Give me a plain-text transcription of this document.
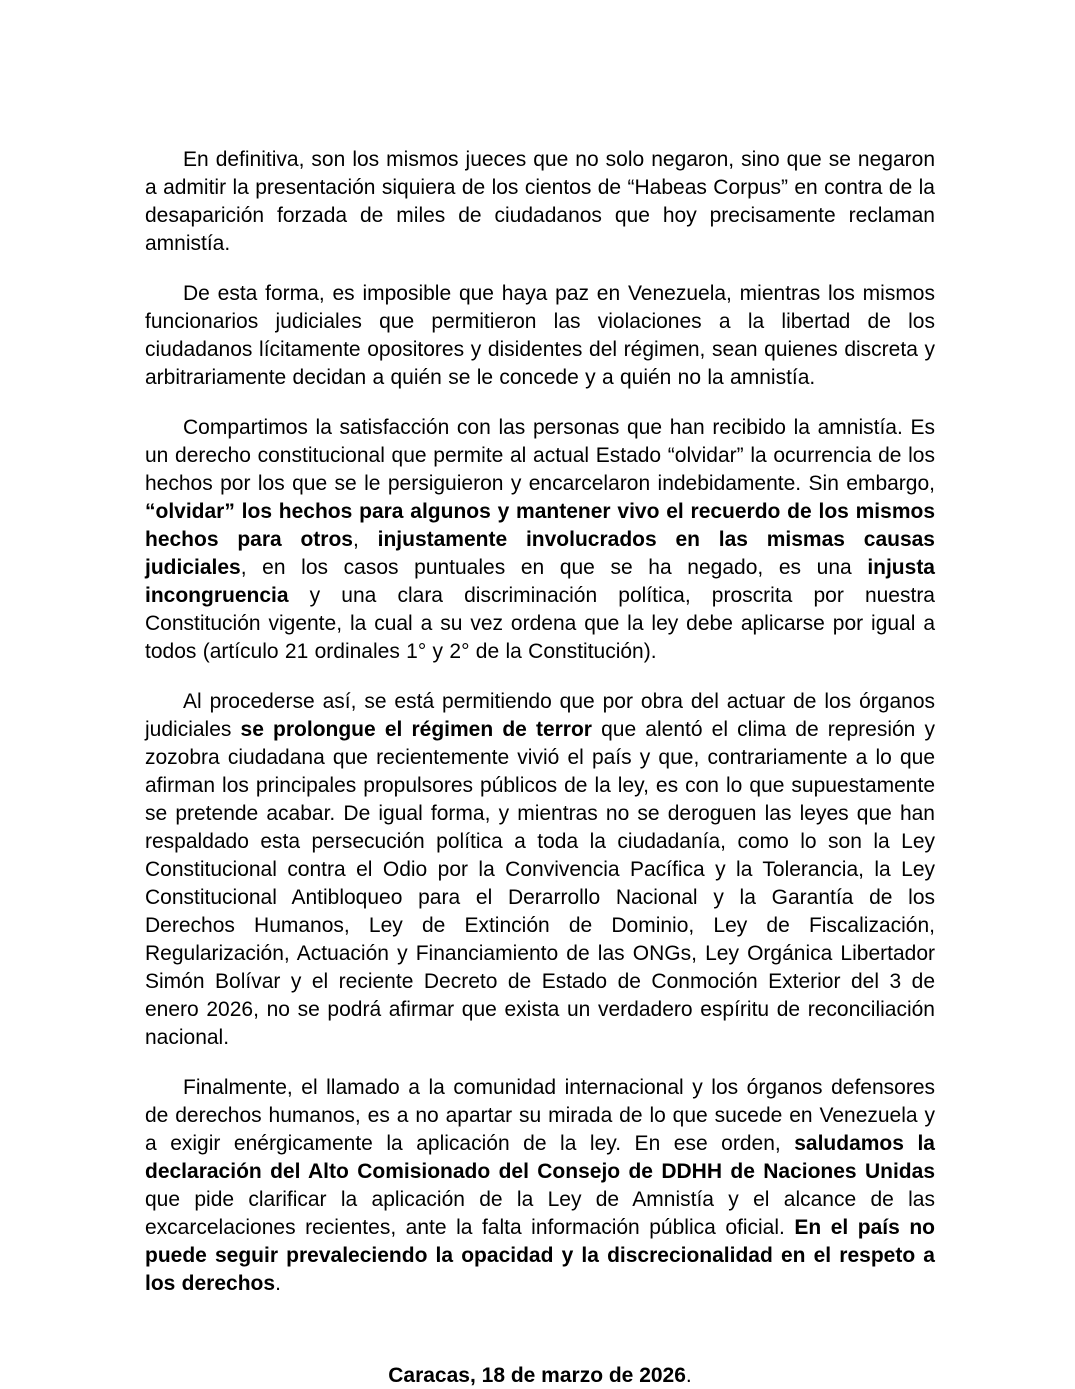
En definitiva, son los mismos jueces que no solo negaron, sino que se negaron a admitir la presentación siquiera de los cientos de “Habeas Corpus” en contra de la desaparición forzada de miles de ciudadanos que hoy precisamente reclaman amnistía.

De esta forma, es imposible que haya paz en Venezuela, mientras los mismos funcionarios judiciales que permitieron las violaciones a la libertad de los ciudadanos lícitamente opositores y disidentes del régimen, sean quienes discreta y arbitrariamente decidan a quién se le concede y a quién no la amnistía.

Compartimos la satisfacción con las personas que han recibido la amnistía. Es un derecho constitucional que permite al actual Estado “olvidar” la ocurrencia de los hechos por los que se le persiguieron y encarcelaron indebidamente. Sin embargo, “olvidar” los hechos para algunos y mantener vivo el recuerdo de los mismos hechos para otros, injustamente involucrados en las mismas causas judiciales, en los casos puntuales en que se ha negado, es una injusta incongruencia y una clara discriminación política, proscrita por nuestra Constitución vigente, la cual a su vez ordena que la ley debe aplicarse por igual a todos (artículo 21 ordinales 1° y 2° de la Constitución).

Al procederse así, se está permitiendo que por obra del actuar de los órganos judiciales se prolongue el régimen de terror que alentó el clima de represión y zozobra ciudadana que recientemente vivió el país y que, contrariamente a lo que afirman los principales propulsores públicos de la ley, es con lo que supuestamente se pretende acabar. De igual forma, y mientras no se deroguen las leyes que han respaldado esta persecución política a toda la ciudadanía, como lo son la Ley Constitucional contra el Odio por la Convivencia Pacífica y la Tolerancia, la Ley Constitucional Antibloqueo para el Derarrollo Nacional y la Garantía de los Derechos Humanos, Ley de Extinción de Dominio, Ley de Fiscalización, Regularización, Actuación y Financiamiento de las ONGs, Ley Orgánica Libertador Simón Bolívar y el reciente Decreto de Estado de Conmoción Exterior del 3 de enero 2026, no se podrá afirmar que exista un verdadero espíritu de reconciliación nacional.

Finalmente, el llamado a la comunidad internacional y los órganos defensores de derechos humanos, es a no apartar su mirada de lo que sucede en Venezuela y a exigir enérgicamente la aplicación de la ley. En ese orden, saludamos la declaración del Alto Comisionado del Consejo de DDHH de Naciones Unidas que pide clarificar la aplicación de la Ley de Amnistía y el alcance de las excarcelaciones recientes, ante la falta información pública oficial. En el país no puede seguir prevaleciendo la opacidad y la discrecionalidad en el respeto a los derechos.

Caracas, 18 de marzo de 2026.
